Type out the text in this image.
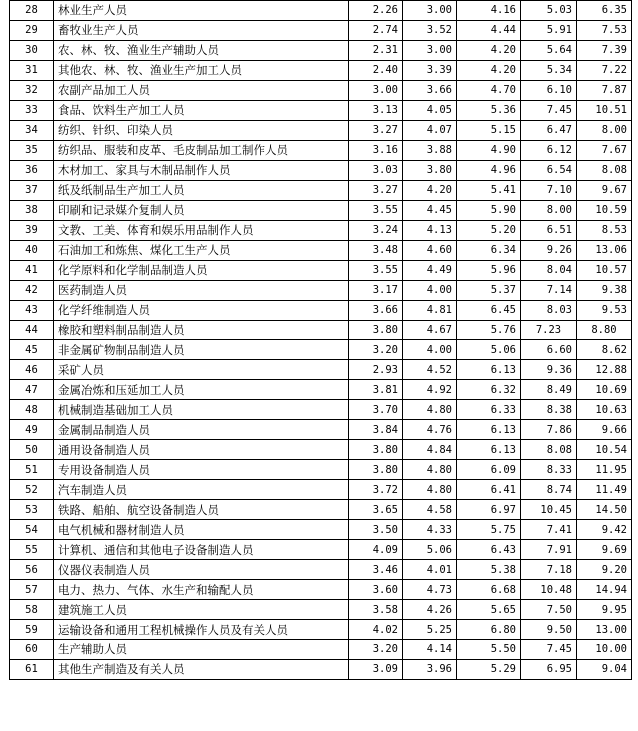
28	林业生产人员	2.26	3.00	4.16	5.03	6.35
29	畜牧业生产人员	2.74	3.52	4.44	5.91	7.53
30	农、林、牧、渔业生产辅助人员	2.31	3.00	4.20	5.64	7.39
31	其他农、林、牧、渔业生产加工人员	2.40	3.39	4.20	5.34	7.22
32	农副产品加工人员	3.00	3.66	4.70	6.10	7.87
33	食品、饮料生产加工人员	3.13	4.05	5.36	7.45	10.51
34	纺织、针织、印染人员	3.27	4.07	5.15	6.47	8.00
35	纺织品、服装和皮革、毛皮制品加工制作人员	3.16	3.88	4.90	6.12	7.67
36	木材加工、家具与木制品制作人员	3.03	3.80	4.96	6.54	8.08
37	纸及纸制品生产加工人员	3.27	4.20	5.41	7.10	9.67
38	印刷和记录媒介复制人员	3.55	4.45	5.90	8.00	10.59
39	文教、工美、体育和娱乐用品制作人员	3.24	4.13	5.20	6.51	8.53
40	石油加工和炼焦、煤化工生产人员	3.48	4.60	6.34	9.26	13.06
41	化学原料和化学制品制造人员	3.55	4.49	5.96	8.04	10.57
42	医药制造人员	3.17	4.00	5.37	7.14	9.38
43	化学纤维制造人员	3.66	4.81	6.45	8.03	9.53
44	橡胶和塑料制品制造人员	3.80	4.67	5.76	7.23	8.80
45	非金属矿物制品制造人员	3.20	4.00	5.06	6.60	8.62
46	采矿人员	2.93	4.52	6.13	9.36	12.88
47	金属冶炼和压延加工人员	3.81	4.92	6.32	8.49	10.69
48	机械制造基础加工人员	3.70	4.80	6.33	8.38	10.63
49	金属制品制造人员	3.84	4.76	6.13	7.86	9.66
50	通用设备制造人员	3.80	4.84	6.13	8.08	10.54
51	专用设备制造人员	3.80	4.80	6.09	8.33	11.95
52	汽车制造人员	3.72	4.80	6.41	8.74	11.49
53	铁路、船舶、航空设备制造人员	3.65	4.58	6.97	10.45	14.50
54	电气机械和器材制造人员	3.50	4.33	5.75	7.41	9.42
55	计算机、通信和其他电子设备制造人员	4.09	5.06	6.43	7.91	9.69
56	仪器仪表制造人员	3.46	4.01	5.38	7.18	9.20
57	电力、热力、气体、水生产和输配人员	3.60	4.73	6.68	10.48	14.94
58	建筑施工人员	3.58	4.26	5.65	7.50	9.95
59	运输设备和通用工程机械操作人员及有关人员	4.02	5.25	6.80	9.50	13.00
60	生产辅助人员	3.20	4.14	5.50	7.45	10.00
61	其他生产制造及有关人员	3.09	3.96	5.29	6.95	9.04
